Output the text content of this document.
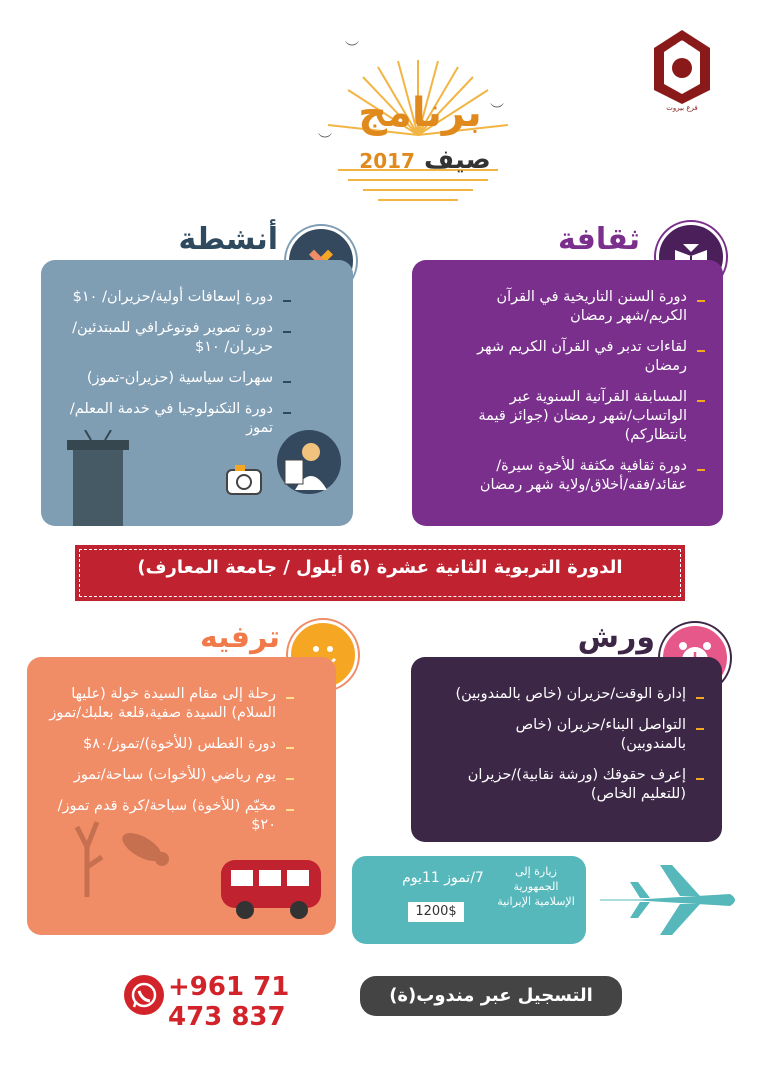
︶
︶
︶
برنامج
صيف 2017
فرع بيروت
ثقافة
دورة السنن التاريخية في القرآن الكريم/شهر رمضان
لقاءات تدبر في القرآن الكريم شهر رمضان
المسابقة القرآنية السنوية عبر الواتساب/شهر رمضان (جوائز قيمة بانتظاركم)
دورة ثقافية مكثفة للأخوة سيرة/عقائد/فقه/أخلاق/ولاية شهر رمضان
أنشطة
دورة إسعافات أولية/حزيران/ ١٠$
دورة تصوير فوتوغرافي للمبتدئين/حزيران/ ١٠$
سهرات سياسية (حزيران-تموز)
دورة التكنولوجيا في خدمة المعلم/تموز
الدورة التربوية الثانية عشرة (6 أيلول / جامعة المعارف)
ترفيه
رحلة إلى مقام السيدة خولة (عليها السلام) السيدة صفية،قلعة بعلبك/تموز
دورة الغطس (للأخوة)/تموز/٨٠$
يوم رياضي (للأخوات) سباحة/تموز
مخيّم (للأخوة) سباحة/كرة قدم تموز/٢٠$
ورش
إدارة الوقت/حزيران (خاص بالمندوبين)
التواصل البناء/حزيران (خاص بالمندوبين)
إعرف حقوقك (ورشة نقابية)/حزيران (للتعليم الخاص)
زيارة إلى الجمهورية الإسلامية الإيرانية
7/تموز 11يوم
1200$
التسجيل عبر مندوب(ة) التجمّع
+961 71 473 837
